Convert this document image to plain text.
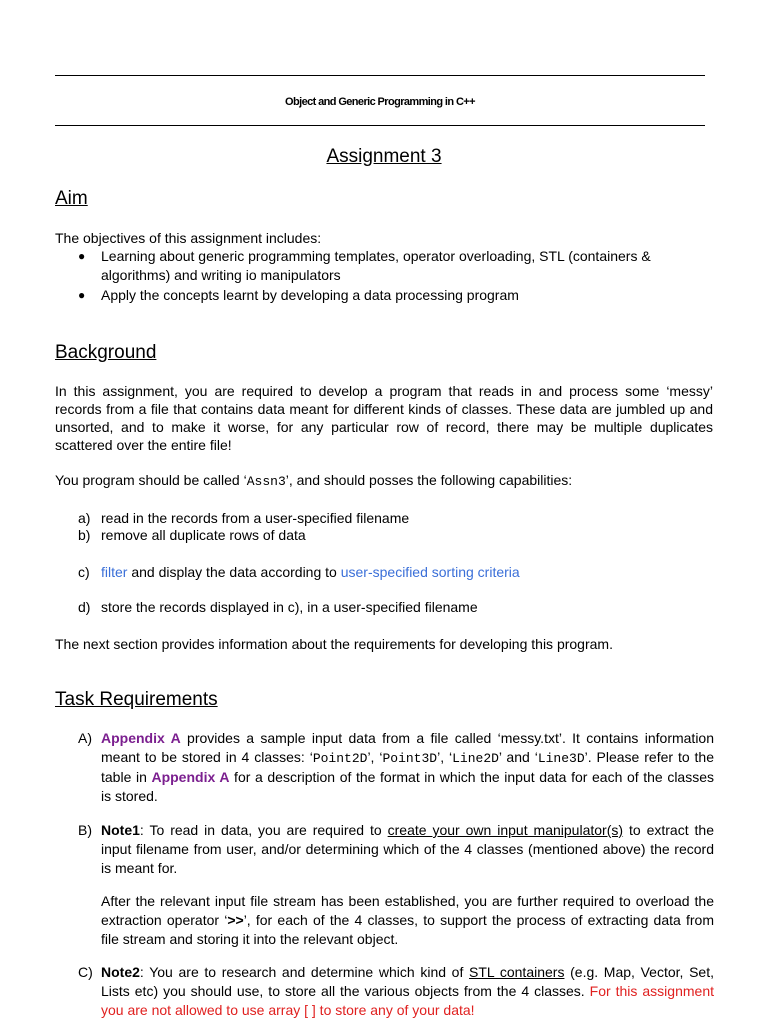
Object and Generic Programming in C++
Assignment 3
Aim
The objectives of this assignment includes:
● Learning about generic programming templates, operator overloading, STL (containers & algorithms) and writing io manipulators
● Apply the concepts learnt by developing a data processing program
Background
In this assignment, you are required to develop a program that reads in and process some ‘messy’ records from a file that contains data meant for different kinds of classes. These data are jumbled up and unsorted, and to make it worse, for any particular row of record, there may be multiple duplicates scattered over the entire file!
You program should be called ‘Assn3’, and should posses the following capabilities:
a) read in the records from a user-specified filename
b) remove all duplicate rows of data
c) filter and display the data according to user-specified sorting criteria
d) store the records displayed in c), in a user-specified filename
The next section provides information about the requirements for developing this program.
Task Requirements
A) Appendix A provides a sample input data from a file called ‘messy.txt’. It contains information meant to be stored in 4 classes: ‘Point2D’, ‘Point3D’, ‘Line2D’ and ‘Line3D’. Please refer to the table in Appendix A for a description of the format in which the input data for each of the classes is stored.
B) Note1: To read in data, you are required to create your own input manipulator(s) to extract the input filename from user, and/or determining which of the 4 classes (mentioned above) the record is meant for.
After the relevant input file stream has been established, you are further required to overload the extraction operator ‘>>’, for each of the 4 classes, to support the process of extracting data from file stream and storing it into the relevant object.
C) Note2: You are to research and determine which kind of STL containers (e.g. Map, Vector, Set, Lists etc) you should use, to store all the various objects from the 4 classes. For this assignment you are not allowed to use array [ ] to store any of your data!
